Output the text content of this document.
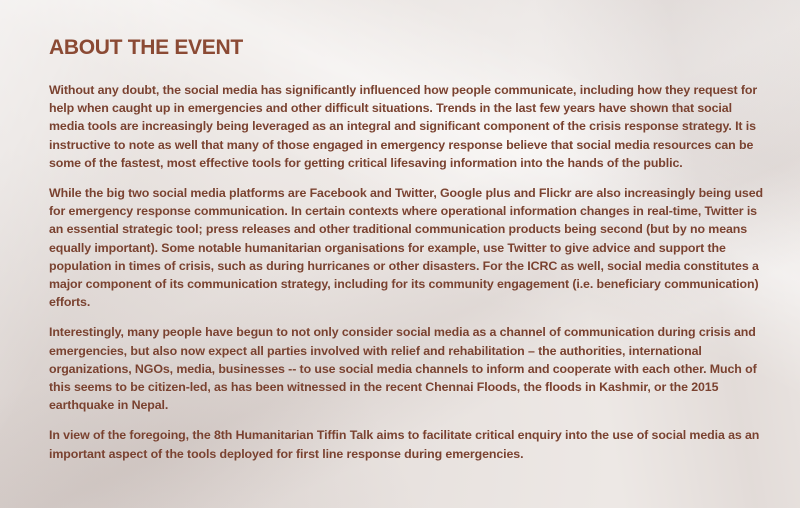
ABOUT THE EVENT

Without any doubt, the social media has significantly influenced how people communicate, including how they request for help when caught up in emergencies and other difficult situations. Trends in the last few years have shown that social media tools are increasingly being leveraged as an integral and significant component of the crisis response strategy. It is instructive to note as well that many of those engaged in emergency response believe that social media resources can be some of the fastest, most effective tools for getting critical lifesaving information into the hands of the public.

While the big two social media platforms are Facebook and Twitter, Google plus and Flickr are also increasingly being used for emergency response communication. In certain contexts where operational information changes in real-time, Twitter is an essential strategic tool; press releases and other traditional communication products being second (but by no means equally important). Some notable humanitarian organisations for example, use Twitter to give advice and support the population in times of crisis, such as during hurricanes or other disasters. For the ICRC as well, social media constitutes a major component of its communication strategy, including for its community engagement (i.e. beneficiary communication) efforts.

Interestingly, many people have begun to not only consider social media as a channel of communication during crisis and emergencies, but also now expect all parties involved with relief and rehabilitation – the authorities, international organizations, NGOs, media, businesses -- to use social media channels to inform and cooperate with each other. Much of this seems to be citizen-led, as has been witnessed in the recent Chennai Floods, the floods in Kashmir, or the 2015 earthquake in Nepal.

In view of the foregoing, the 8th Humanitarian Tiffin Talk aims to facilitate critical enquiry into the use of social media as an important aspect of the tools deployed for first line response during emergencies.
